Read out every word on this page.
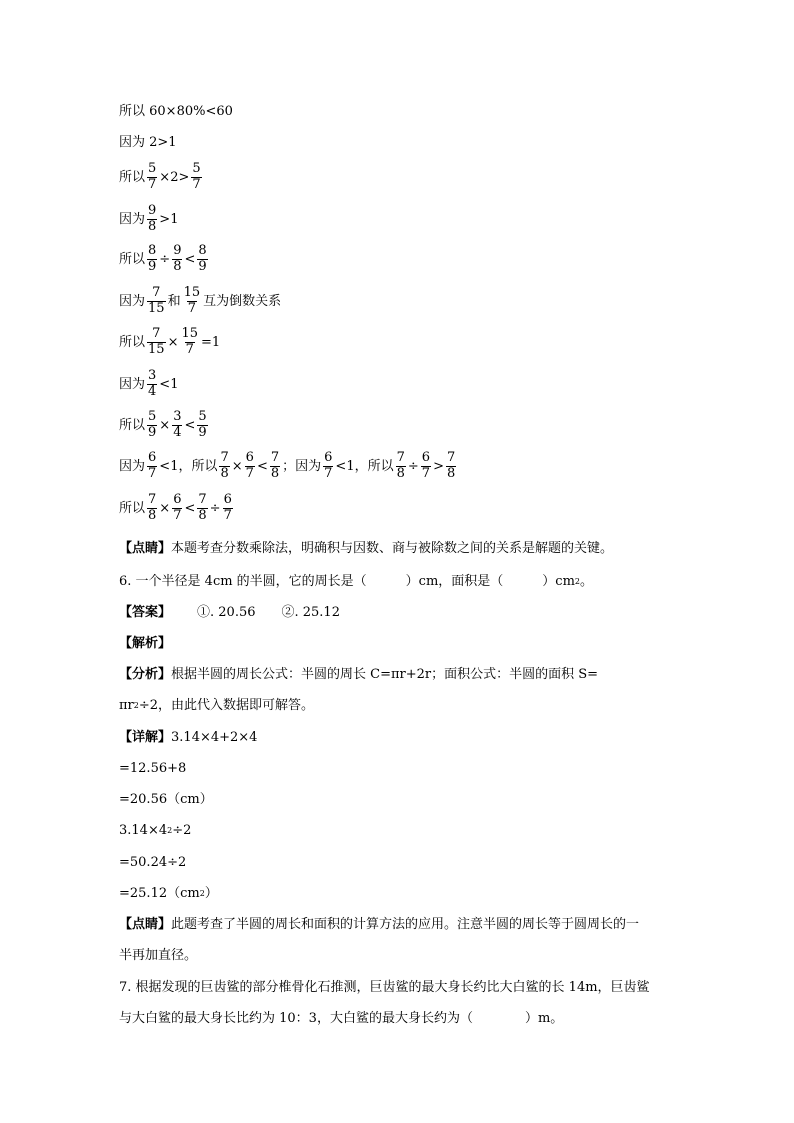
所以 60×80%<60
因为 2>1
所以 $\frac{5}{7} \times 2> \frac{5}{7}$
因为 $\frac{9}{8} >1$
所以 $\frac{8}{9} \div \frac{9}{8} < \frac{8}{9}$
因为 $\frac{7}{15}$ 和 $\frac{15}{7}$ 互为倒数关系
所以 $\frac{7}{15} \times \frac{15}{7} =1$
因为 $\frac{3}{4} <1$
所以 $\frac{5}{9} \times \frac{3}{4} < \frac{5}{9}$
因为 $\frac{6}{7} <1$，所以 $\frac{7}{8} \times \frac{6}{7} < \frac{7}{8}$ ；因为 $\frac{6}{7} <1$，所以 $\frac{7}{8} \div \frac{6}{7} > \frac{7}{8}$
所以 $\frac{7}{8} \times \frac{6}{7} < \frac{7}{8} \div \frac{6}{7}$
【点睛】 本题考查分数乘除法，明确积与因数、商与被除数之间的关系是解题的关键。
6. 一个半径是 4cm 的半圆，它的周长是（　　　）cm，面积是（　　　）cm 2 。
【答案】 　　①. 20.56　　②. 25.12
【解析】
【分析】 根据半圆的周长公式：半圆的周长 C=πr+2r；面积公式：半圆的面积 S=
πr 2 ÷2，由此代入数据即可解答。
【详解】 3.14×4+2×4
=12.56+8
=20.56（cm）
3.14×4 2 ÷2
=50.24÷2
=25.12（cm 2 ）
【点睛】 此题考查了半圆的周长和面积的计算方法的应用。注意半圆的周长等于圆周长的一
半再加直径。
7. 根据发现的巨齿鲨的部分椎骨化石推测，巨齿鲨的最大身长约比大白鲨的长 14m，巨齿鲨
与大白鲨的最大身长比约为 10：3，大白鲨的最大身长约为（　　　　）m。
